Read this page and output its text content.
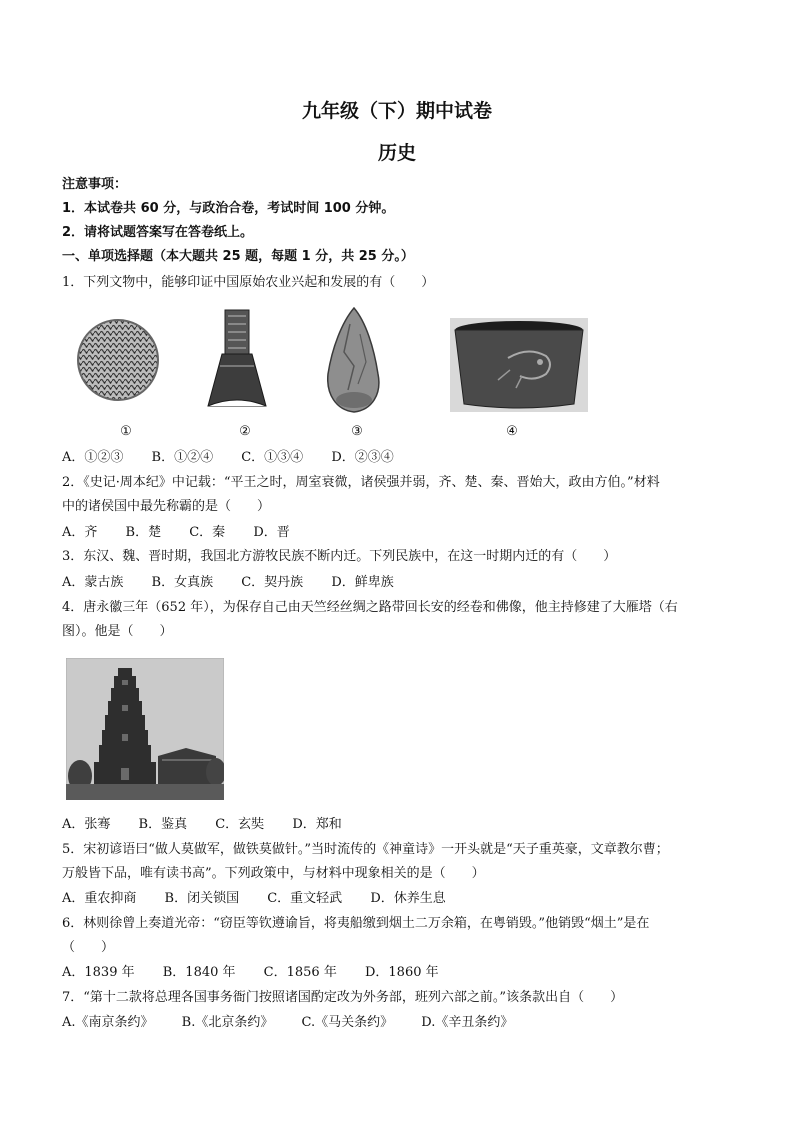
九年级（下）期中试卷
历史
注意事项：
1．本试卷共 60 分，与政治合卷，考试时间 100 分钟。
2．请将试题答案写在答卷纸上。
一、单项选择题（本大题共 25 题，每题 1 分，共 25 分。）
1．下列文物中，能够印证中国原始农业兴起和发展的有（　　）
①	②	③	④
A．①②③ B．①②④ C．①③④ D．②③④
2．《史记·周本纪》中记载：“平王之时，周室衰微，诸侯强并弱，齐、楚、秦、晋始大，政由方伯。”材料
中的诸侯国中最先称霸的是（　　）
A．齐 B．楚 C．秦 D．晋
3．东汉、魏、晋时期，我国北方游牧民族不断内迁。下列民族中，在这一时期内迁的有（　　）
A．蒙古族 B．女真族 C．契丹族 D．鲜卑族
4．唐永徽三年（652 年），为保存自己由天竺经丝绸之路带回长安的经卷和佛像，他主持修建了大雁塔（右
图）。他是（　　）
A．张骞 B．鉴真 C．玄奘 D．郑和
5．宋初谚语曰“做人莫做军，做铁莫做针。”当时流传的《神童诗》一开头就是“天子重英豪，文章教尔曹；
万般皆下品，唯有读书高”。下列政策中，与材料中现象相关的是（　　）
A．重农抑商 B．闭关锁国 C．重文轻武 D．休养生息
6．林则徐曾上奏道光帝：“窃臣等钦遵谕旨，将夷船缴到烟土二万余箱，在粤销毁。”他销毁“烟土”是在
（　　）
A．1839 年 B．1840 年 C．1856 年 D．1860 年
7．“第十二款将总理各国事务衙门按照诸国酌定改为外务部，班列六部之前。”该条款出自（　　）
A.《南京条约》 B.《北京条约》 C.《马关条约》 D.《辛丑条约》
